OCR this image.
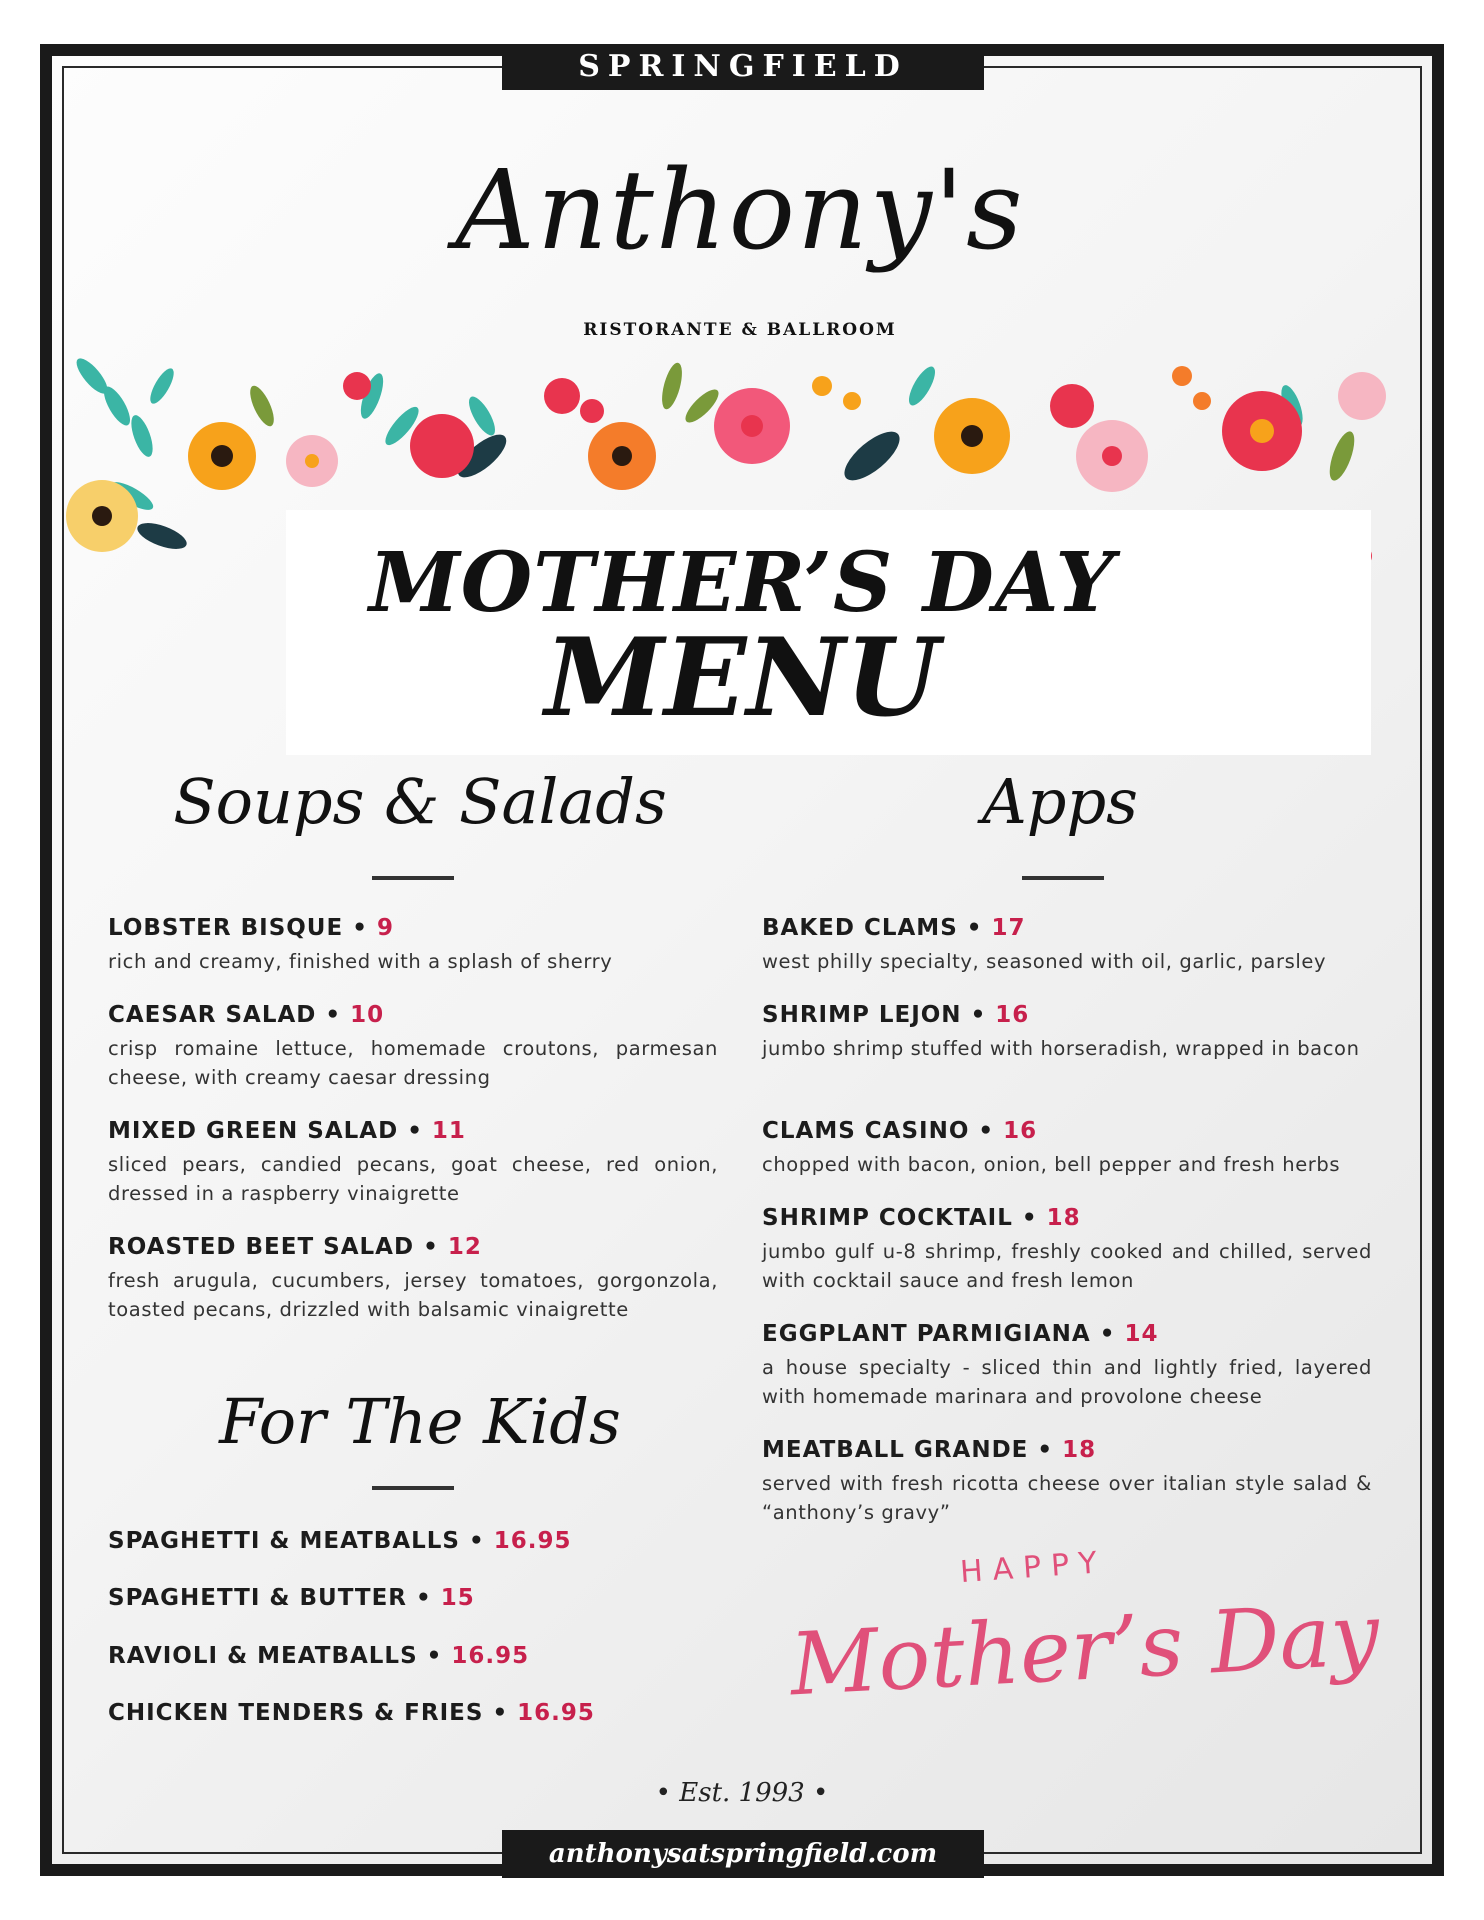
SPRINGFIELD
Anthony's
RISTORANTE & BALLROOM
MOTHER’S DAY
MENU
Soups & Salads
LOBSTER BISQUE • 9
rich and creamy, finished with a splash of sherry
CAESAR SALAD • 10
crisp romaine lettuce, homemade croutons, parmesan cheese, with creamy caesar dressing
MIXED GREEN SALAD • 11
sliced pears, candied pecans, goat cheese, red onion, dressed in a raspberry vinaigrette
ROASTED BEET SALAD • 12
fresh arugula, cucumbers, jersey tomatoes, gorgonzola, toasted pecans, drizzled with balsamic vinaigrette
For The Kids
SPAGHETTI & MEATBALLS • 16.95
SPAGHETTI & BUTTER • 15
RAVIOLI & MEATBALLS • 16.95
CHICKEN TENDERS & FRIES • 16.95
Apps
BAKED CLAMS • 17
west philly specialty, seasoned with oil, garlic, parsley
SHRIMP LEJON • 16
jumbo shrimp stuffed with horseradish, wrapped in bacon
CLAMS CASINO • 16
chopped with bacon, onion, bell pepper and fresh herbs
SHRIMP COCKTAIL • 18
jumbo gulf u-8 shrimp, freshly cooked and chilled, served with cocktail sauce and fresh lemon
EGGPLANT PARMIGIANA • 14
a house specialty - sliced thin and lightly fried, layered with homemade marinara and provolone cheese
MEATBALL GRANDE • 18
served with fresh ricotta cheese over italian style salad & “anthony’s gravy”
HAPPY
Mother’s Day
• Est. 1993 •
anthonysatspringfield.com
